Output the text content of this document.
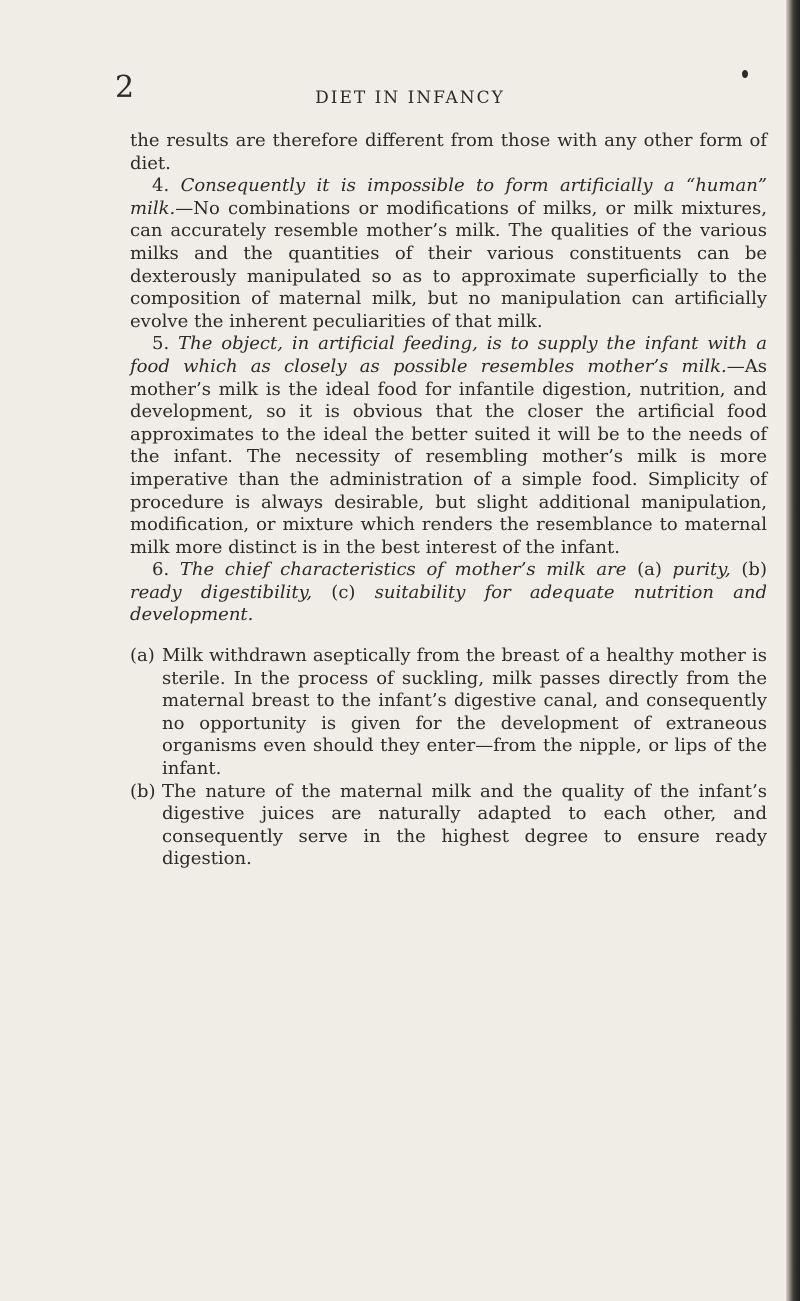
2	DIET IN INFANCY

the results are therefore different from those with any other form of diet.

4. Consequently it is impossible to form artificially a “human” milk.—No combinations or modifications of milks, or milk mixtures, can accurately resemble mother’s milk. The qualities of the various milks and the quantities of their various constituents can be dexterously manipulated so as to approximate superficially to the composition of maternal milk, but no manipulation can artificially evolve the inherent peculiarities of that milk.

5. The object, in artificial feeding, is to supply the infant with a food which as closely as possible resembles mother’s milk.—As mother’s milk is the ideal food for infantile digestion, nutrition, and development, so it is obvious that the closer the artificial food approximates to the ideal the better suited it will be to the needs of the infant. The necessity of resembling mother’s milk is more imperative than the administration of a simple food. Simplicity of procedure is always desirable, but slight additional manipulation, modification, or mixture which renders the resemblance to maternal milk more distinct is in the best interest of the infant.

6. The chief characteristics of mother’s milk are (a) purity, (b) ready digestibility, (c) suitability for adequate nutrition and development.

(a) Milk withdrawn aseptically from the breast of a healthy mother is sterile. In the process of suckling, milk passes directly from the maternal breast to the infant’s digestive canal, and consequently no opportunity is given for the development of extraneous organisms even should they enter—from the nipple, or lips of the infant.
(b) The nature of the maternal milk and the quality of the infant’s digestive juices are naturally adapted to each other, and consequently serve in the highest degree to ensure ready digestion.
